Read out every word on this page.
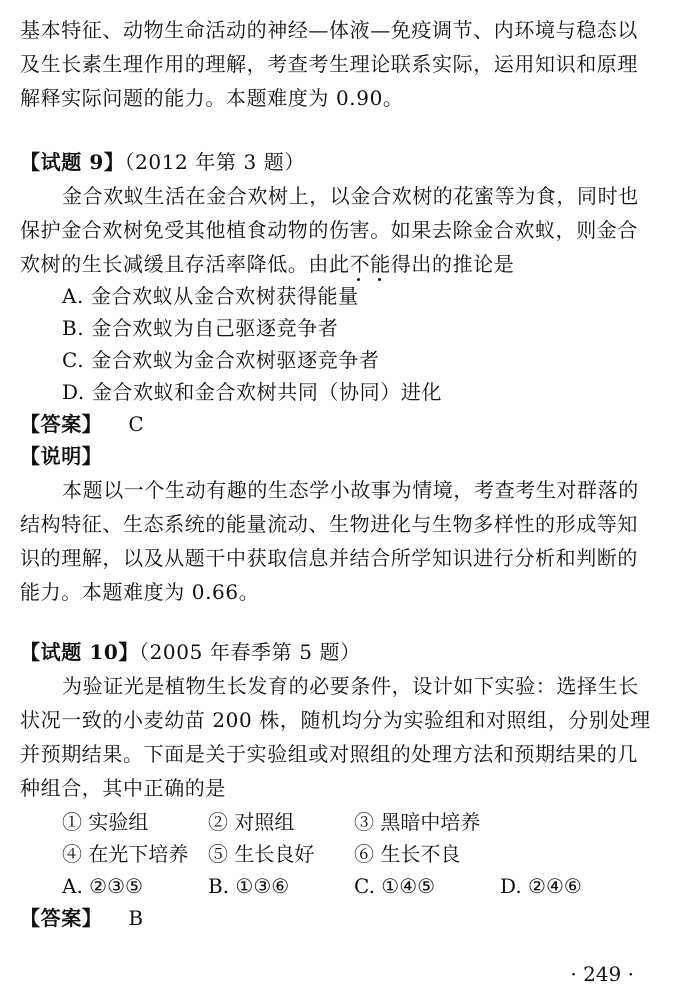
基本特征、动物生命活动的神经—体液—免疫调节、内环境与稳态以
及生长素生理作用的理解，考查考生理论联系实际，运用知识和原理
解释实际问题的能力。本题难度为 0.90。
【试题 9】（2012 年第 3 题）
金合欢蚁生活在金合欢树上，以金合欢树的花蜜等为食，同时也
保护金合欢树免受其他植食动物的伤害。如果去除金合欢蚁，则金合
欢树的生长减缓且存活率降低。由此不能
得出的推论是
A. 金合欢蚁从金合欢树获得能量
B. 金合欢蚁为自己驱逐竞争者
C. 金合欢蚁为金合欢树驱逐竞争者
D. 金合欢蚁和金合欢树共同（协同）进化
【答案】 C
【说明】
本题以一个生动有趣的生态学小故事为情境，考查考生对群落的
结构特征、生态系统的能量流动、生物进化与生物多样性的形成等知
识的理解，以及从题干中获取信息并结合所学知识进行分析和判断的
能力。本题难度为 0.66。
【试题 10】（2005 年春季第 5 题）
为验证光是植物生长发育的必要条件，设计如下实验：选择生长
状况一致的小麦幼苗 200 株，随机均分为实验组和对照组，分别处理
并预期结果。下面是关于实验组或对照组的处理方法和预期结果的几
种组合，其中正确的是
① 实验组	② 对照组	③ 黑暗中培养
④ 在光下培养 ⑤ 生长良好 ⑥ 生长不良
A. ②③⑤	B. ①③⑥	C. ①④⑤	D. ②④⑥
【答案】 B
· 249 ·
